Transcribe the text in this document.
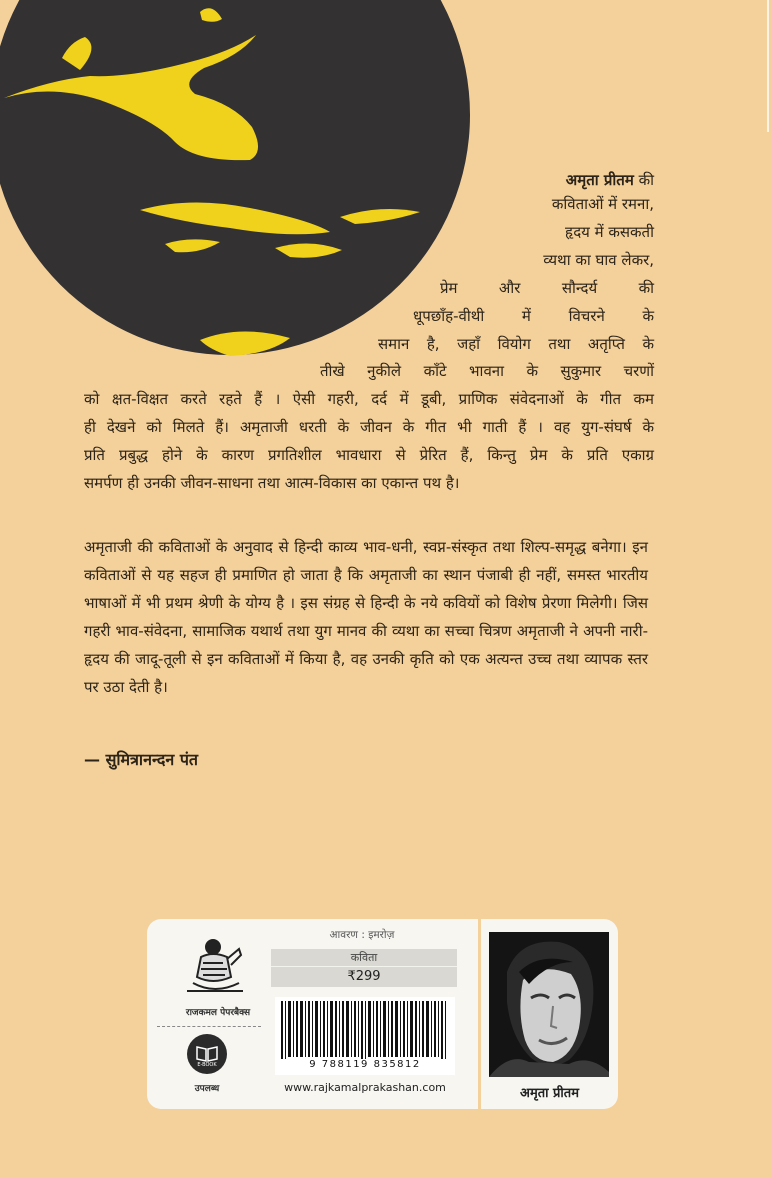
अमृता प्रीतम की
कविताओं में रमना,
हृदय में कसकती
व्यथा का घाव लेकर,
प्रेम और सौन्दर्य की
धूपछाँह-वीथी में विचरने के
समान है, जहाँ वियोग तथा अतृप्ति के
तीखे नुकीले काँटे भावना के सुकुमार चरणों
को क्षत-विक्षत करते रहते हैं । ऐसी गहरी, दर्द में डूबी, प्राणिक संवेदनाओं के गीत कम
ही देखने को मिलते हैं। अमृताजी धरती के जीवन के गीत भी गाती हैं । वह युग-संघर्ष के
प्रति प्रबुद्ध होने के कारण प्रगतिशील भावधारा से प्रेरित हैं, किन्तु प्रेम के प्रति एकाग्र
समर्पण ही उनकी जीवन-साधना तथा आत्म-विकास का एकान्त पथ है।
अमृताजी की कविताओं के अनुवाद से हिन्दी काव्य भाव-धनी, स्वप्न-संस्कृत तथा शिल्प-समृद्ध बनेगा। इन कविताओं से यह सहज ही प्रमाणित हो जाता है कि अमृताजी का स्थान पंजाबी ही नहीं, समस्त भारतीय भाषाओं में भी प्रथम श्रेणी के योग्य है । इस संग्रह से हिन्दी के नये कवियों को विशेष प्रेरणा मिलेगी। जिस गहरी भाव-संवेदना, सामाजिक यथार्थ तथा युग मानव की व्यथा का सच्चा चित्रण अमृताजी ने अपनी नारी-हृदय की जादू-तूली से इन कविताओं में किया है, वह उनकी कृति को एक अत्यन्त उच्च तथा व्यापक स्तर पर उठा देती है।
— सुमित्रानन्दन पंत
आवरण : इमरोज़
राजकमल पेपरबैक्स
E-BOOK
उपलब्ध
कविता
₹299
9 788119 835812
www.rajkamalprakashan.com	अमृता प्रीतम
